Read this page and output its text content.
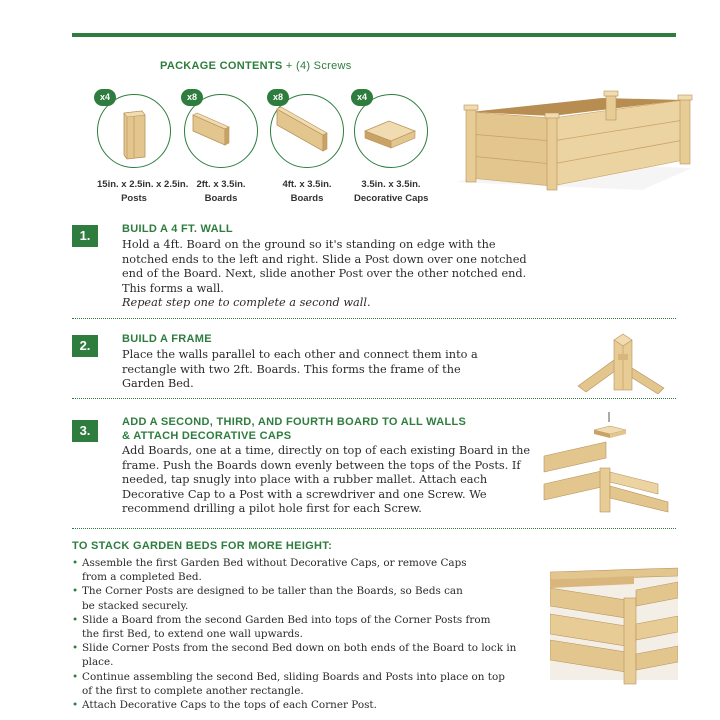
PACKAGE CONTENTS + (4) Screws
x4
15in. x 2.5in. x 2.5in.
Posts
x8
2ft. x 3.5in.
Boards
x8
4ft. x 3.5in.
Boards
x4
3.5in. x 3.5in.
Decorative Caps
1.	BUILD A 4 FT. WALL
Hold a 4ft. Board on the ground so it's standing on edge with the
notched ends to the left and right. Slide a Post down over one notched
end of the Board. Next, slide another Post over the other notched end.
This forms a wall.
Repeat step one to complete a second wall.
2.	BUILD A FRAME
Place the walls parallel to each other and connect them into a
rectangle with two 2ft. Boards. This forms the frame of the
Garden Bed.
3.
ADD A SECOND, THIRD, AND FOURTH BOARD TO ALL WALLS
& ATTACH DECORATIVE CAPS
Add Boards, one at a time, directly on top of each existing Board in the
frame. Push the Boards down evenly between the tops of the Posts. If
needed, tap snugly into place with a rubber mallet. Attach each
Decorative Cap to a Post with a screwdriver and one Screw. We
recommend drilling a pilot hole first for each Screw.
TO STACK GARDEN BEDS FOR MORE HEIGHT:
• Assemble the first Garden Bed without Decorative Caps, or remove Caps
from a completed Bed.
• The Corner Posts are designed to be taller than the Boards, so Beds can
be stacked securely.
• Slide a Board from the second Garden Bed into tops of the Corner Posts from
the first Bed, to extend one wall upwards.
• Slide Corner Posts from the second Bed down on both ends of the Board to lock in place.
• Continue assembling the second Bed, sliding Boards and Posts into place on top
of the first to complete another rectangle.
• Attach Decorative Caps to the tops of each Corner Post.
